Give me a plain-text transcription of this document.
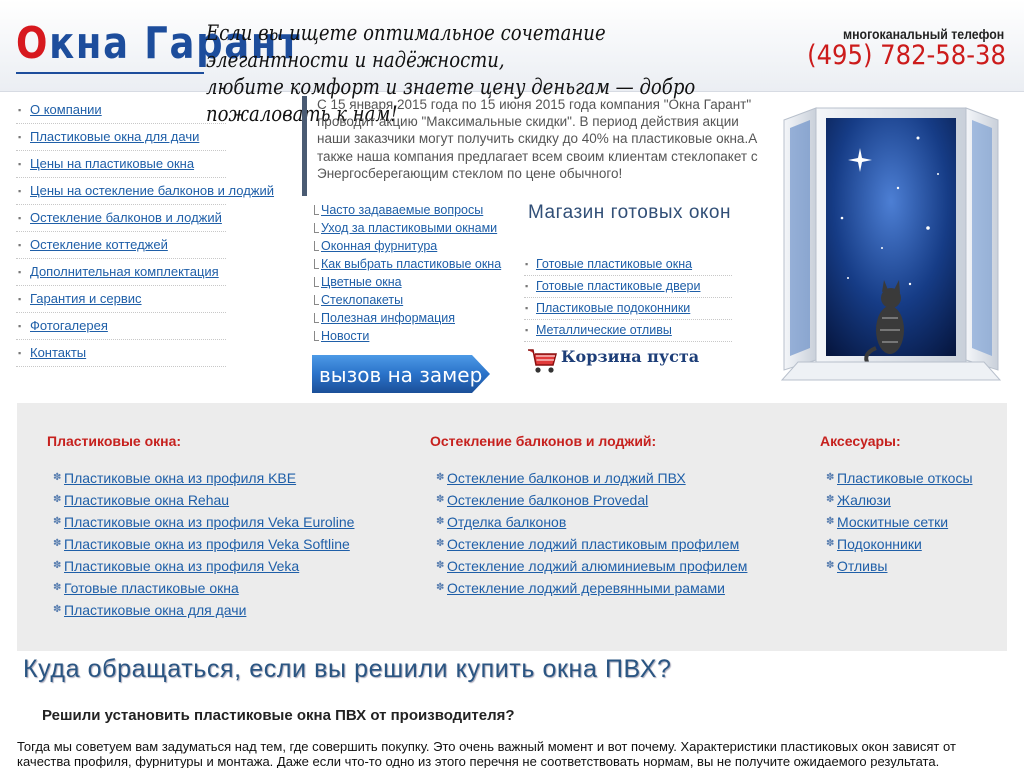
Окна Гарант
Если вы ищете оптимальное сочетание элегантности и надёжности,
любите комфорт и знаете цену деньгам — добро пожаловать к нам!
многоканальный телефон
(495) 782-58-38
▪ О компании
▪ Пластиковые окна для дачи
▪ Цены на пластиковые окна
▪ Цены на остекление балконов и лоджий
▪ Остекление балконов и лоджий
▪ Остекление коттеджей
▪ Дополнительная комплектация
▪ Гарантия и сервис
▪ Фотогалерея
▪ Контакты
С 15 января 2015 года по 15 июня 2015 года компания "Окна Гарант" проводит акцию "Максимальные скидки". В период действия акции наши заказчики могут получить скидку до 40% на пластиковые окна.А также наша компания предлагает всем своим клиентам стеклопакет с Энергосберегающим стеклом по цене обычного!
Часто задаваемые вопросы
Уход за пластиковыми окнами
Оконная фурнитура
Как выбрать пластиковые окна
Цветные окна
Стеклопакеты
Полезная информация
Новости
вызов на замер
Магазин готовых окон
▪ Готовые пластиковые окна
▪ Готовые пластиковые двери
▪ Пластиковые подоконники
▪ Металлические отливы
Корзина пуста
Пластиковые окна:
✽ Пластиковые окна из профиля KBE
✽ Пластиковые окна Rehau
✽ Пластиковые окна из профиля Veka Euroline
✽ Пластиковые окна из профиля Veka Softline
✽ Пластиковые окна из профиля Veka
✽ Готовые пластиковые окна
✽ Пластиковые окна для дачи
Остекление балконов и лоджий:
✽ Остекление балконов и лоджий ПВХ
✽ Остекление балконов Provedal
✽ Отделка балконов
✽ Остекление лоджий пластиковым профилем
✽ Остекление лоджий алюминиевым профилем
✽ Остекление лоджий деревянными рамами
Аксесуары:
✽ Пластиковые откосы
✽ Жалюзи
✽ Москитные сетки
✽ Подоконники
✽ Отливы
Куда обращаться, если вы решили купить окна ПВХ?
Решили установить пластиковые окна ПВХ от производителя?

Тогда мы советуем вам задуматься над тем, где совершить покупку. Это очень важный момент и вот почему. Характеристики пластиковых окон зависят от качества профиля, фурнитуры и монтажа. Даже если что-то одно из этого перечня не соответствовать нормам, вы не получите ожидаемого результата.
